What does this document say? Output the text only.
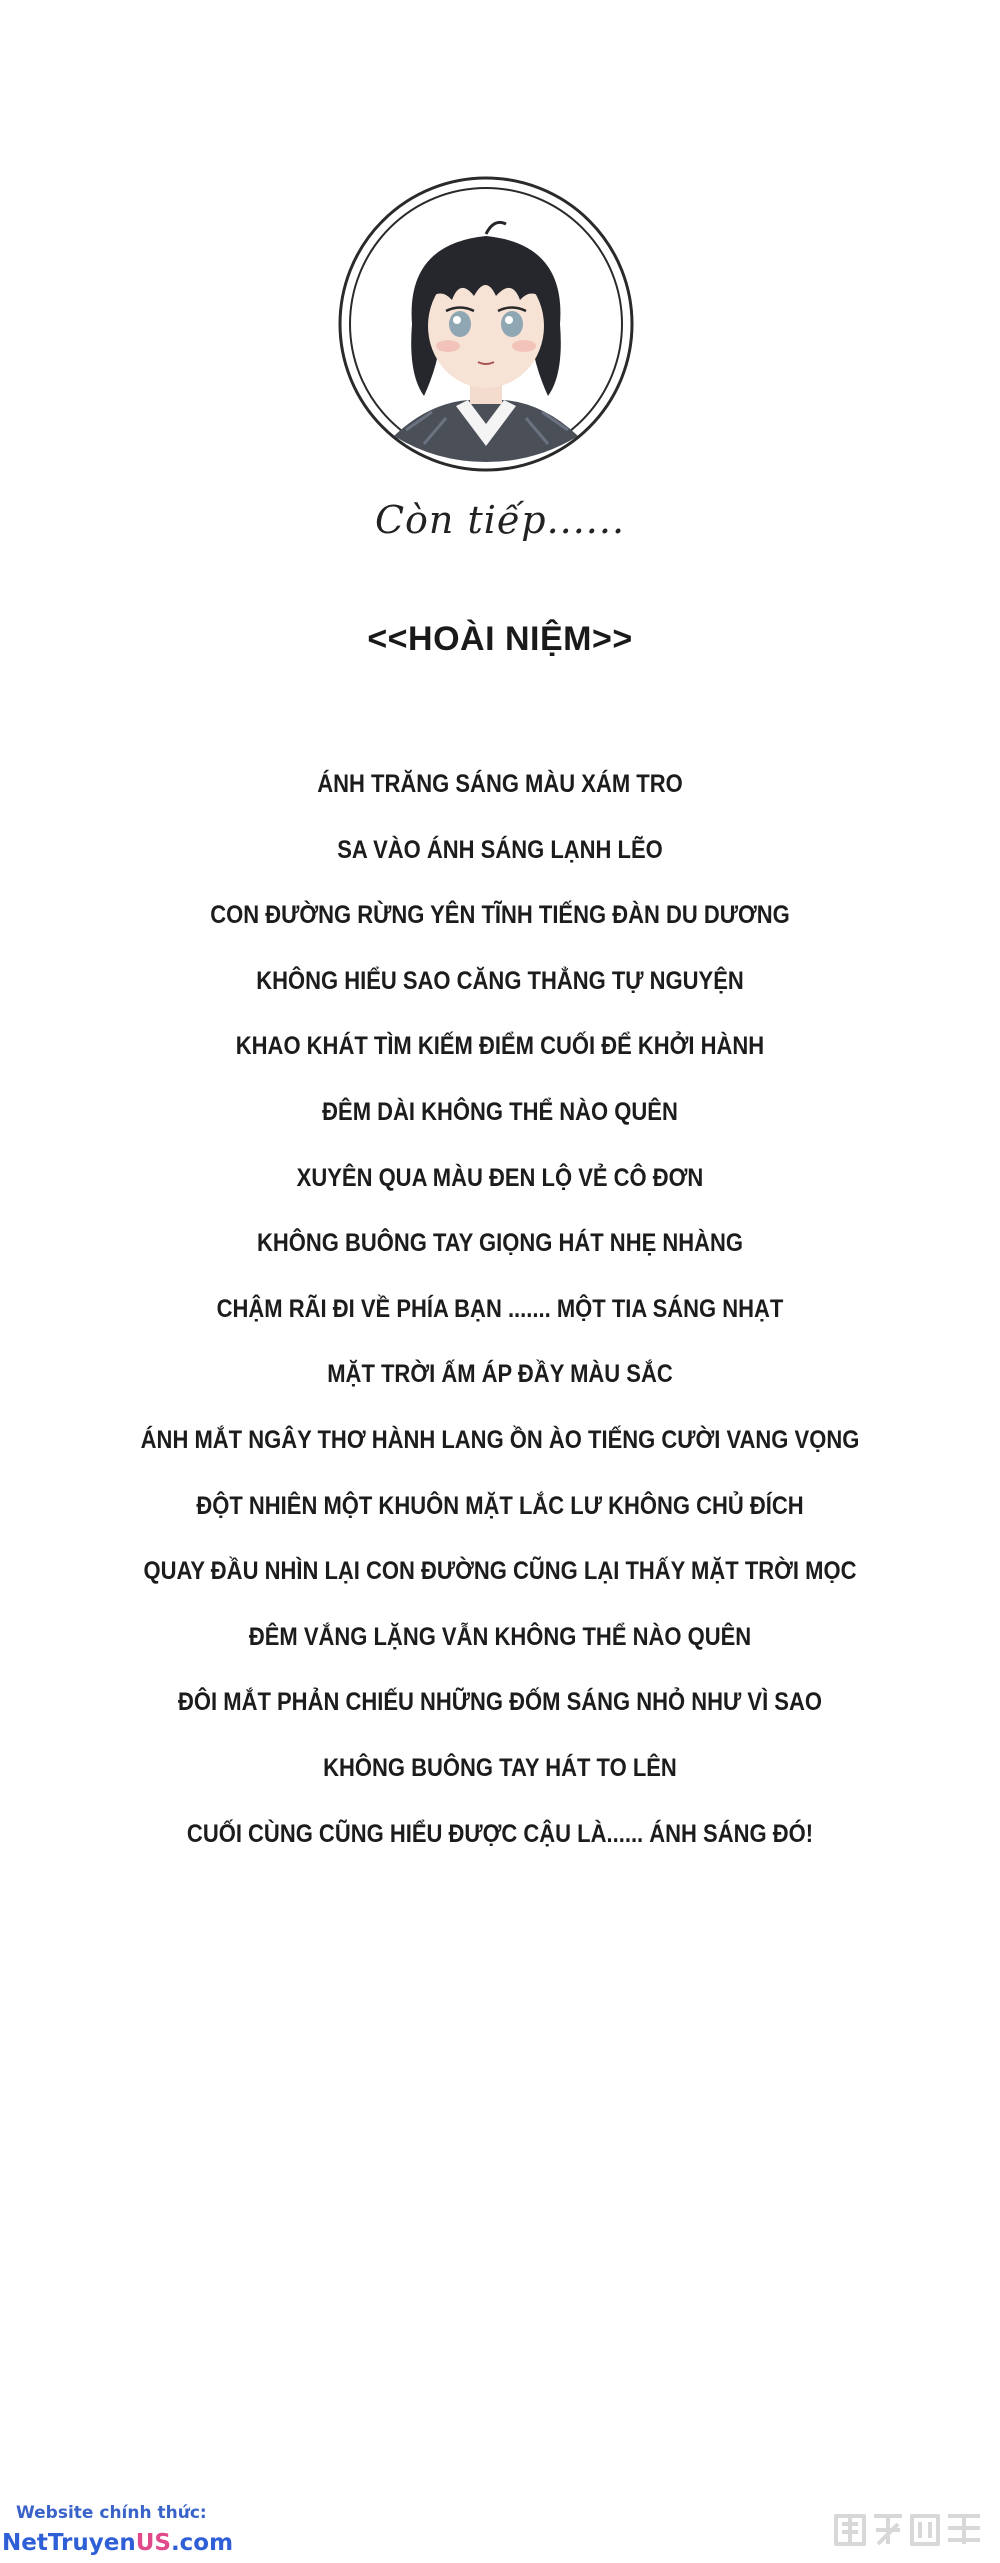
Còn tiếp......
<<HOÀI NIỆM>>
ÁNH TRĂNG SÁNG MÀU XÁM TRO
SA VÀO ÁNH SÁNG LẠNH LẼO
CON ĐƯỜNG RỪNG YÊN TĨNH TIẾNG ĐÀN DU DƯƠNG
KHÔNG HIỂU SAO CĂNG THẲNG TỰ NGUYỆN
KHAO KHÁT TÌM KIẾM ĐIỂM CUỐI ĐỂ KHỞI HÀNH
ĐÊM DÀI KHÔNG THỂ NÀO QUÊN
XUYÊN QUA MÀU ĐEN LỘ VẺ CÔ ĐƠN
KHÔNG BUÔNG TAY GIỌNG HÁT NHẸ NHÀNG
CHẬM RÃI ĐI VỀ PHÍA BẠN ....... MỘT TIA SÁNG NHẠT
MẶT TRỜI ẤM ÁP ĐẦY MÀU SẮC
ÁNH MẮT NGÂY THƠ HÀNH LANG ỒN ÀO TIẾNG CƯỜI VANG VỌNG
ĐỘT NHIÊN MỘT KHUÔN MẶT LẮC LƯ KHÔNG CHỦ ĐÍCH
QUAY ĐẦU NHÌN LẠI CON ĐƯỜNG CŨNG LẠI THẤY MẶT TRỜI MỌC
ĐÊM VẮNG LẶNG VẪN KHÔNG THỂ NÀO QUÊN
ĐÔI MẮT PHẢN CHIẾU NHỮNG ĐỐM SÁNG NHỎ NHƯ VÌ SAO
KHÔNG BUÔNG TAY HÁT TO LÊN
CUỐI CÙNG CŨNG HIỂU ĐƯỢC CẬU LÀ...... ÁNH SÁNG ĐÓ!
Website chính thức:
NetTruyenUS.com
